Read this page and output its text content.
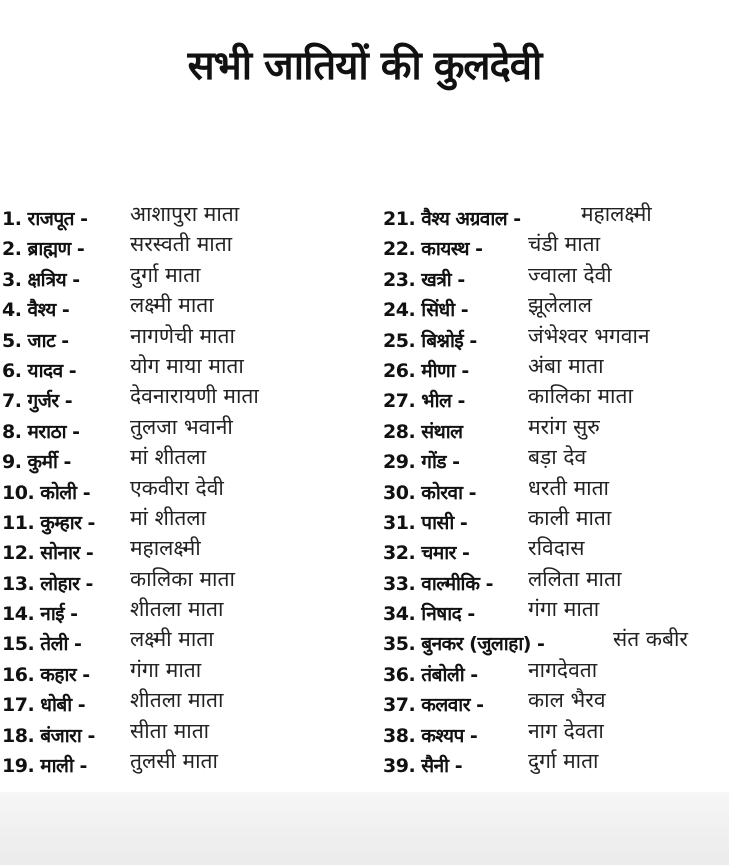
सभी जातियों की कुलदेवी
1. राजपूत - आशापुरा माता
2. ब्राह्मण - सरस्वती माता
3. क्षत्रिय - दुर्गा माता
4. वैश्य -	लक्ष्मी माता
5. जाट -	नागणेची माता
6. यादव -	योग माया माता
7. गुर्जर -	देवनारायणी माता
8. मराठा - तुलजा भवानी
9. कुर्मी -	मां शीतला
10. कोली - एकवीरा देवी
11. कुम्हार - मां शीतला
12. सोनार - महालक्ष्मी
13. लोहार - कालिका माता
14. नाई - शीतला माता
15. तेली - लक्ष्मी माता
16. कहार - गंगा माता
17. धोबी - शीतला माता
18. बंजारा - सीता माता
19. माली - तुलसी माता
21. वैश्य अग्रवाल -	महालक्ष्मी
22. कायस्थ - चंडी माता
23. खत्री -	ज्वाला देवी
24. सिंधी -	झूलेलाल
25. बिश्नोई - जंभेश्वर भगवान
26. मीणा -	अंबा माता
27. भील -	कालिका माता
28. संथाल	मरांग सुरु
29. गोंड -	बड़ा देव
30. कोरवा - धरती माता
31. पासी -	काली माता
32. चमार -	रविदास
33. वाल्मीकि - ललिता माता
34. निषाद -	गंगा माता
35. बुनकर (जुलाहा) -	संत कबीर
36. तंबोली - नागदेवता
37. कलवार - काल भैरव
38. कश्यप - नाग देवता
39. सैनी -	दुर्गा माता
